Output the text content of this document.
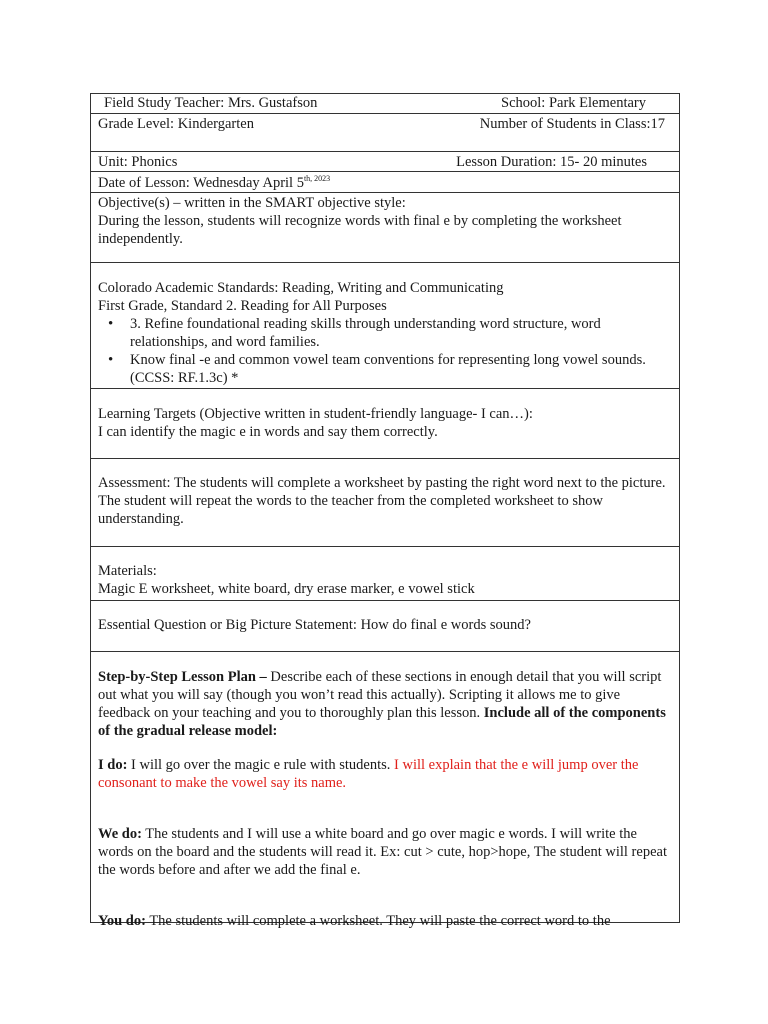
Field Study Teacher: Mrs. Gustafson	School: Park Elementary
Grade Level: Kindergarten	Number of Students in Class:17
Unit: Phonics	Lesson Duration: 15- 20 minutes
Date of Lesson: Wednesday April $5^{th, 2023}$

Objective(s) – written in the SMART objective style:

During the lesson, students will recognize words with final e by completing the worksheet independently.

Colorado Academic Standards: Reading, Writing and Communicating

First Grade, Standard 2. Reading for All Purposes

• 3. Refine foundational reading skills through understanding word structure, word relationships, and word families.
• Know final -e and common vowel team conventions for representing long vowel sounds. (CCSS: RF.1.3c) *

Learning Targets (Objective written in student-friendly language- I can…):

I can identify the magic e in words and say them correctly.

Assessment: The students will complete a worksheet by pasting the right word next to the picture. The student will repeat the words to the teacher from the completed worksheet to show understanding.

Materials:

Magic E worksheet, white board, dry erase marker, e vowel stick

Essential Question or Big Picture Statement: How do final e words sound?

Step-by-Step Lesson Plan – Describe each of these sections in enough detail that you will script out what you will say (though you won’t read this actually). Scripting it allows me to give feedback on your teaching and you to thoroughly plan this lesson. Include all of the components of the gradual release model:

I do: I will go over the magic e rule with students. I will explain that the e will jump over the consonant to make the vowel say its name.

We do: The students and I will use a white board and go over magic e words. I will write the words on the board and the students will read it. Ex: cut > cute, hop>hope, The student will repeat the words before and after we add the final e.

You do: The students will complete a worksheet. They will paste the correct word to the
